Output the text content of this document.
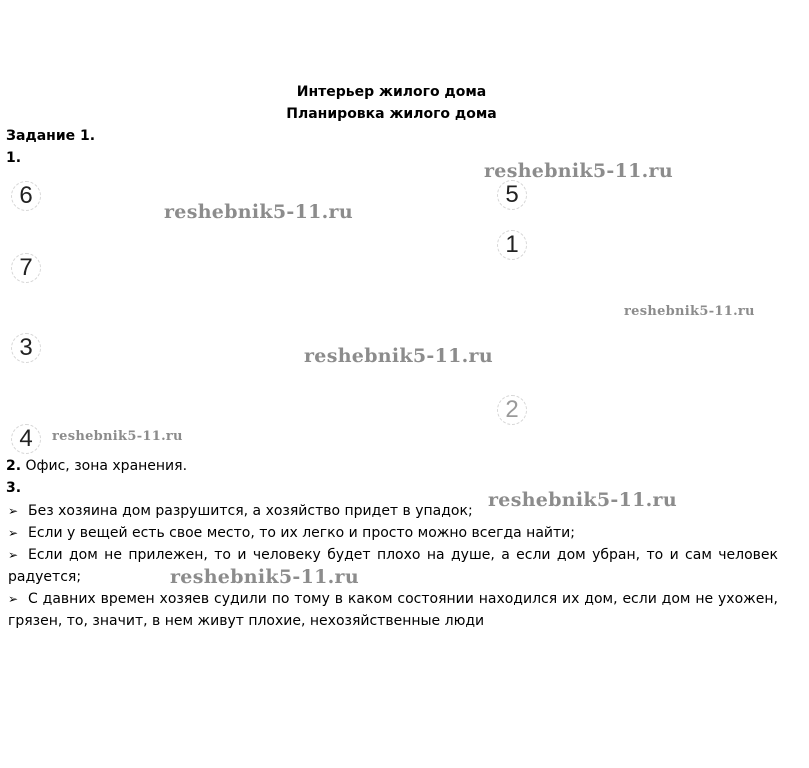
Интерьер жилого дома
Планировка жилого дома
Задание 1.
1.
6
7
3
4
5
1
2
reshebnik5-11.ru
reshebnik5-11.ru
reshebnik5-11.ru
reshebnik5-11.ru
reshebnik5-11.ru
reshebnik5-11.ru
reshebnik5-11.ru
2. Офис, зона хранения.
3.
➢ Без хозяина дом разрушится, а хозяйство придет в упадок;
➢ Если у вещей есть свое место, то их легко и просто можно всегда найти;
➢ Если дом не прилежен, то и человеку будет плохо на душе, а если дом убран, то и сам человек радуется;
➢ С давних времен хозяев судили по тому в каком состоянии находился их дом, если дом не ухожен, грязен, то, значит, в нем живут плохие, нехозяйственные люди
